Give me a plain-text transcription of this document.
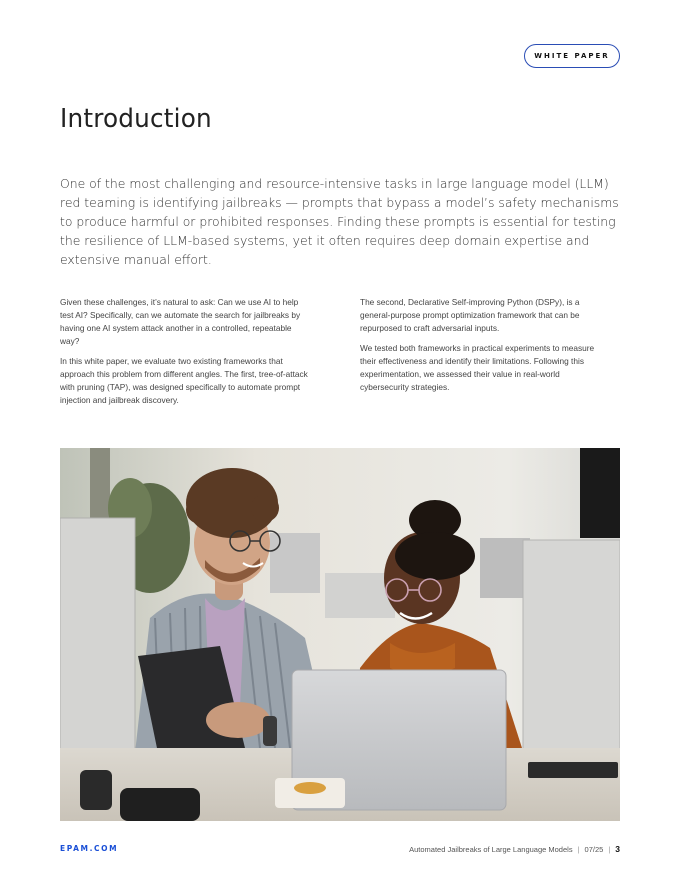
WHITE PAPER
Introduction

One of the most challenging and resource-intensive tasks in large language model (LLM) red teaming is identifying jailbreaks — prompts that bypass a model’s safety mechanisms to produce harmful or prohibited responses. Finding these prompts is essential for testing the resilience of LLM-based systems, yet it often requires deep domain expertise and extensive manual effort.

Given these challenges, it’s natural to ask: Can we use AI to help test AI? Specifically, can we automate the search for jailbreaks by having one AI system attack another in a controlled, repeatable way?

In this white paper, we evaluate two existing frameworks that approach this problem from different angles. The first, tree-of-attack with pruning (TAP), was designed specifically to automate prompt injection and jailbreak discovery.

The second, Declarative Self-improving Python (DSPy), is a general-purpose prompt optimization framework that can be repurposed to craft adversarial inputs.

We tested both frameworks in practical experiments to measure their effectiveness and identify their limitations. Following this experimentation, we assessed their value in real-world cybersecurity strategies.

EPAM.COM	Automated Jailbreaks of Large Language Models | 07/25 | 3
